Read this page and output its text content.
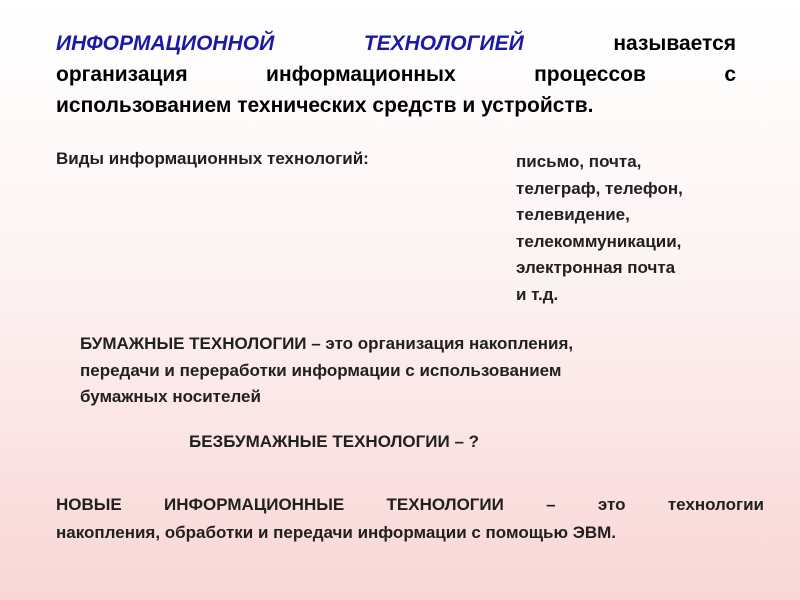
ИНФОРМАЦИОННОЙ ТЕХНОЛОГИЕЙ называется
организация информационных процессов с
использованием технических средств и устройств.
Виды информационных технологий:	письмо, почта,
телеграф, телефон,
телевидение,
телекоммуникации,
электронная почта
и т.д.
БУМАЖНЫЕ ТЕХНОЛОГИИ – это организация накопления,
передачи и переработки информации с использованием
бумажных носителей
БЕЗБУМАЖНЫЕ ТЕХНОЛОГИИ – ?
НОВЫЕ ИНФОРМАЦИОННЫЕ ТЕХНОЛОГИИ – это технологии
накопления, обработки и передачи информации с помощью ЭВМ.
